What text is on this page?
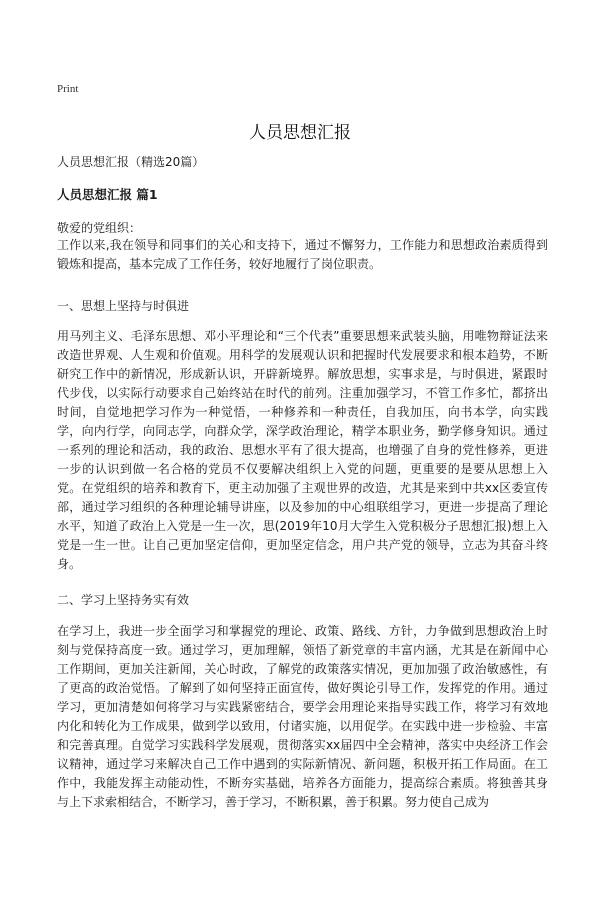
Print
人员思想汇报
人员思想汇报（精选20篇）
人员思想汇报 篇1
敬爱的党组织：

工作以来,我在领导和同事们的关心和支持下，通过不懈努力，工作能力和思想政治素质得到锻炼和提高，基本完成了工作任务，较好地履行了岗位职责。

一、思想上坚持与时俱进

用马列主义、毛泽东思想、邓小平理论和“三个代表”重要思想来武装头脑，用唯物辩证法来改造世界观、人生观和价值观。用科学的发展观认识和把握时代发展要求和根本趋势，不断研究工作中的新情况，形成新认识，开辟新境界。解放思想，实事求是，与时俱进，紧跟时代步伐，以实际行动要求自己始终站在时代的前列。注重加强学习，不管工作多忙，都挤出时间，自觉地把学习作为一种觉悟，一种修养和一种责任，自我加压，向书本学，向实践学，向内行学，向同志学，向群众学，深学政治理论，精学本职业务，勤学修身知识。通过一系列的理论和活动，我的政治、思想水平有了很大提高，也增强了自身的党性修养，更进一步的认识到做一名合格的党员不仅要解决组织上入党的问题，更重要的是要从思想上入党。在党组织的培养和教育下，更主动加强了主观世界的改造，尤其是来到中共xx区委宣传部，通过学习组织的各种理论辅导讲座，以及参加的中心组联组学习，更进一步提高了理论水平，知道了政治上入党是一生一次，思(2019年10月大学生入党积极分子思想汇报)想上入党是一生一世。让自己更加坚定信仰，更加坚定信念，用户共产党的领导，立志为其奋斗终身。

二、学习上坚持务实有效

在学习上，我进一步全面学习和掌握党的理论、政策、路线、方针，力争做到思想政治上时刻与党保持高度一致。通过学习，更加理解，领悟了新党章的丰富内涵，尤其是在新闻中心工作期间，更加关注新闻，关心时政，了解党的政策落实情况，更加加强了政治敏感性，有了更高的政治觉悟。了解到了如何坚持正面宣传，做好舆论引导工作，发挥党的作用。通过学习，更加清楚如何将学习与实践紧密结合，要学会用理论来指导实践工作，将学习有效地内化和转化为工作成果，做到学以致用，付诸实施，以用促学。在实践中进一步检验、丰富和完善真理。自觉学习实践科学发展观，贯彻落实xx届四中全会精神，落实中央经济工作会议精神，通过学习来解决自己工作中遇到的实际新情况、新问题，积极开拓工作局面。在工作中，我能发挥主动能动性，不断夯实基础，培养各方面能力，提高综合素质。将独善其身与上下求索相结合，不断学习，善于学习，不断积累，善于积累。努力使自己成为
